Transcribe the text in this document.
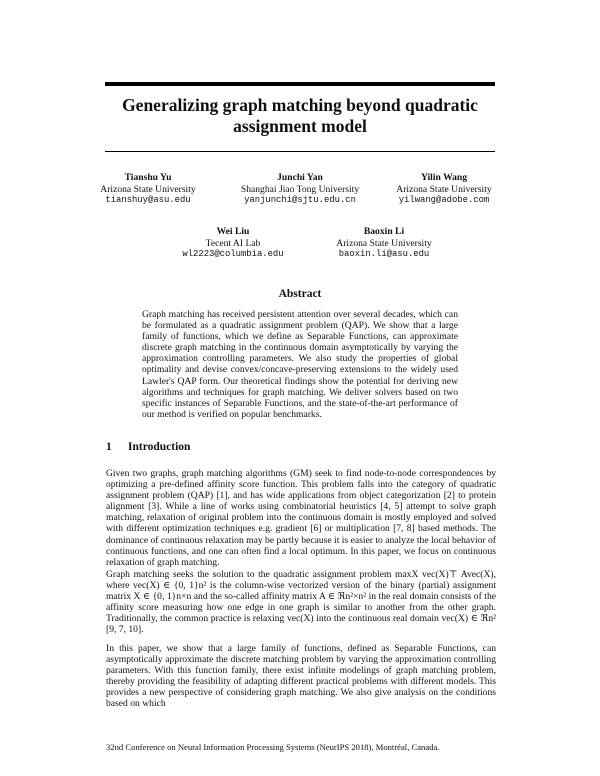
Generalizing graph matching beyond quadratic
assignment model
Tianshu Yu
Arizona State University
tianshuy@asu.edu
Junchi Yan
Shanghai Jiao Tong University
yanjunchi@sjtu.edu.cn
Yilin Wang
Arizona State University
yilwang@adobe.com
Wei Liu
Tecent AI Lab
wl2223@columbia.edu
Baoxin Li
Arizona State University
baoxin.li@asu.edu
Abstract

Graph matching has received persistent attention over several decades, which can be formulated as a quadratic assignment problem (QAP). We show that a large family of functions, which we define as Separable Functions, can approximate discrete graph matching in the continuous domain asymptotically by varying the approximation controlling parameters. We also study the properties of global optimality and devise convex/concave-preserving extensions to the widely used Lawler's QAP form. Our theoretical findings show the potential for deriving new algorithms and techniques for graph matching. We deliver solvers based on two specific instances of Separable Functions, and the state-of-the-art performance of our method is verified on popular benchmarks.

1 Introduction

Given two graphs, graph matching algorithms (GM) seek to find node-to-node correspondences by optimizing a pre-defined affinity score function. This problem falls into the category of quadratic assignment problem (QAP) [1], and has wide applications from object categorization [2] to protein alignment [3]. While a line of works using combinatorial heuristics [4, 5] attempt to solve graph matching, relaxation of original problem into the continuous domain is mostly employed and solved with different optimization techniques e.g. gradient [6] or multiplication [7, 8] based methods. The dominance of continuous relaxation may be partly because it is easier to analyze the local behavior of continuous functions, and one can often find a local optimum. In this paper, we focus on continuous relaxation of graph matching.

Graph matching seeks the solution to the quadratic assignment problem maxX vec(X)⊤ Avec(X), where vec(X) ∈ {0, 1}n² is the column-wise vectorized version of the binary (partial) assignment matrix X ∈ {0, 1}n×n and the so-called affinity matrix A ∈ ℜn²×n² in the real domain consists of the affinity score measuring how one edge in one graph is similar to another from the other graph. Traditionally, the common practice is relaxing vec(X) into the continuous real domain vec(X) ∈ ℜn² [9, 7, 10].

In this paper, we show that a large family of functions, defined as Separable Functions, can asymptotically approximate the discrete matching problem by varying the approximation controlling parameters. With this function family, there exist infinite modelings of graph matching problem, thereby providing the feasibility of adapting different practical problems with different models. This provides a new perspective of considering graph matching. We also give analysis on the conditions based on which

32nd Conference on Neural Information Processing Systems (NeurIPS 2018), Montréal, Canada.
